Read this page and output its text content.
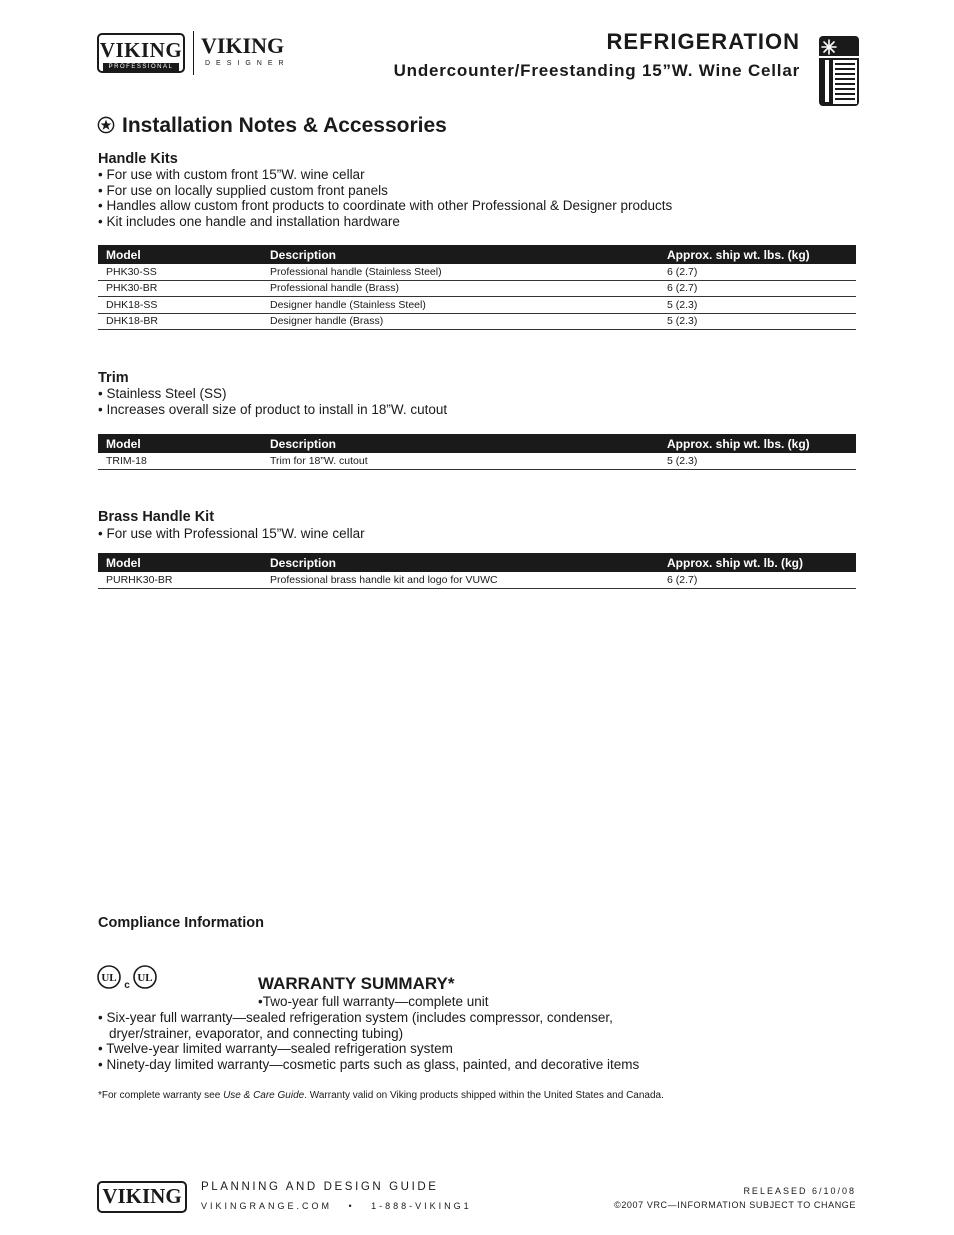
VIKING
PROFESSIONAL
VIKING
DESIGNER
REFRIGERATION
Undercounter/Freestanding 15”W. Wine Cellar
Installation Notes & Accessories
Handle Kits
• For use with custom front 15”W. wine cellar
• For use on locally supplied custom front panels
• Handles allow custom front products to coordinate with other Professional & Designer products
• Kit includes one handle and installation hardware
Model	Description	Approx. ship wt. lbs. (kg)
PHK30-SS	Professional handle (Stainless Steel)	6 (2.7)
PHK30-BR	Professional handle (Brass)	6 (2.7)
DHK18-SS	Designer handle (Stainless Steel)	5 (2.3)
DHK18-BR	Designer handle (Brass)	5 (2.3)
Trim
• Stainless Steel (SS)
• Increases overall size of product to install in 18”W. cutout
Model	Description	Approx. ship wt. lbs. (kg)
TRIM-18	Trim for 18”W. cutout	5 (2.3)
Brass Handle Kit
• For use with Professional 15”W. wine cellar
Model	Description	Approx. ship wt. lb. (kg)
PURHK30-BR	Professional brass handle kit and logo for VUWC	6 (2.7)
Compliance Information
UL UL
c	WARRANTY SUMMARY*
•Two-year full warranty—complete unit
• Six-year full warranty—sealed refrigeration system (includes compressor, condenser,
dryer/strainer, evaporator, and connecting tubing)
• Twelve-year limited warranty—sealed refrigeration system
• Ninety-day limited warranty—cosmetic parts such as glass, painted, and decorative items
*For complete warranty see Use & Care Guide. Warranty valid on Viking products shipped within the United States and Canada.
VIKING	PLANNING AND DESIGN GUIDE
VIKINGRANGE.COM   •   1-888-VIKING1
RELEASED 6/10/08
©2007 VRC—INFORMATION SUBJECT TO CHANGE
